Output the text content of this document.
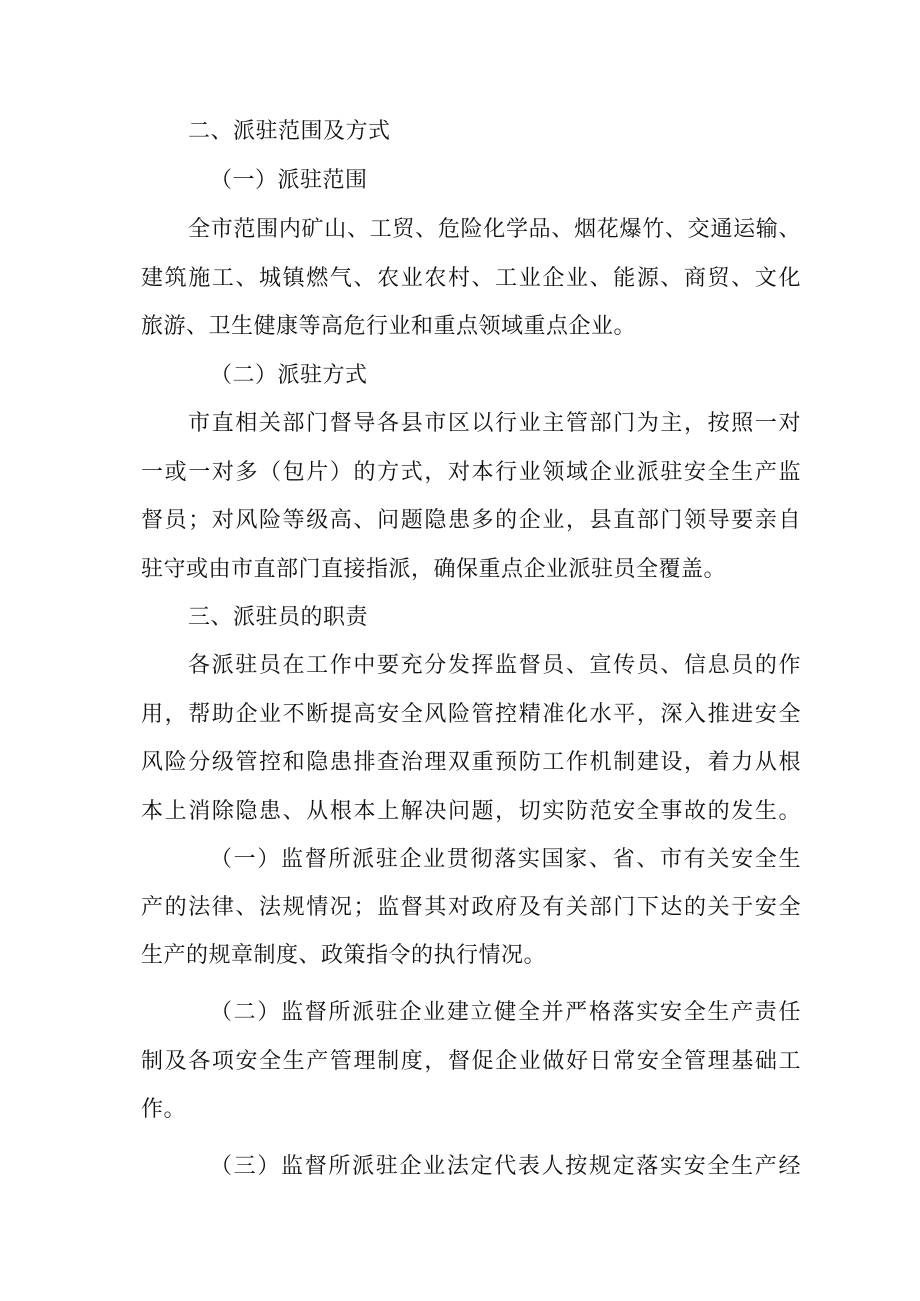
二、派驻范围及方式
（一）派驻范围
全市范围内矿山、工贸、危险化学品、烟花爆竹、交通运输、
建筑施工、城镇燃气、农业农村、工业企业、能源、商贸、文化
旅游、卫生健康等高危行业和重点领域重点企业。
（二）派驻方式
市直相关部门督导各县市区以行业主管部门为主，按照一对
一或一对多（包片）的方式，对本行业领域企业派驻安全生产监
督员；对风险等级高、问题隐患多的企业，县直部门领导要亲自
驻守或由市直部门直接指派，确保重点企业派驻员全覆盖。
三、派驻员的职责
各派驻员在工作中要充分发挥监督员、宣传员、信息员的作
用，帮助企业不断提高安全风险管控精准化水平，深入推进安全
风险分级管控和隐患排查治理双重预防工作机制建设，着力从根
本上消除隐患、从根本上解决问题，切实防范安全事故的发生。
（一）监督所派驻企业贯彻落实国家、省、市有关安全生
产的法律、法规情况；监督其对政府及有关部门下达的关于安全
生产的规章制度、政策指令的执行情况。
（二）监督所派驻企业建立健全并严格落实安全生产责任
制及各项安全生产管理制度，督促企业做好日常安全管理基础工
作。
（三）监督所派驻企业法定代表人按规定落实安全生产经
